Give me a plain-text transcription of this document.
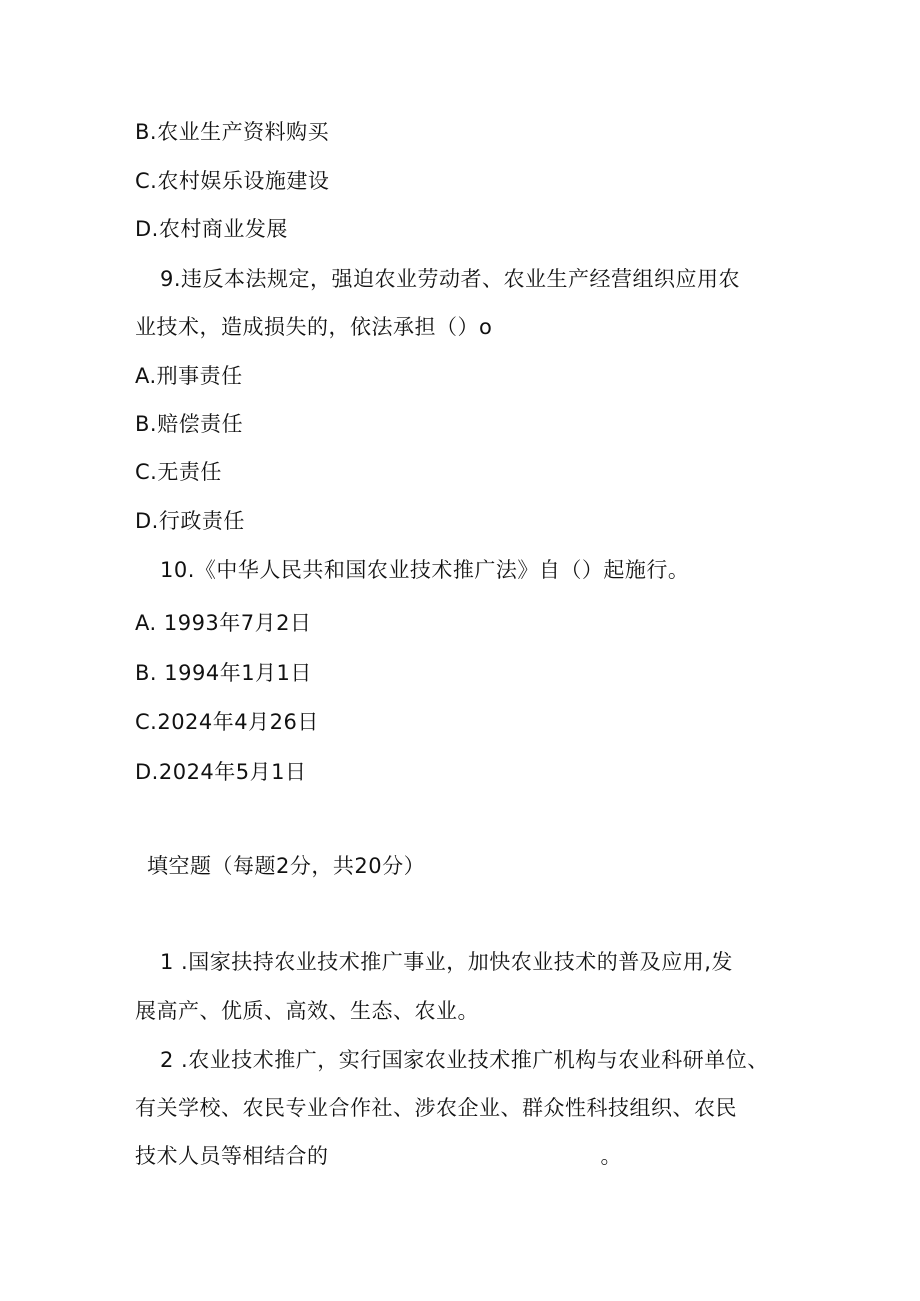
B.农业生产资料购买
C.农村娱乐设施建设
D.农村商业发展
9.违反本法规定，强迫农业劳动者、农业生产经营组织应用农
业技术，造成损失的，依法承担（）o
A.刑事责任
B.赔偿责任
C.无责任
D.行政责任
10.《中华人民共和国农业技术推广法》自（）起施行。
A. 1993年7月2日
B. 1994年1月1日
C.2024年4月26日
D.2024年5月1日
填空题（每题2分，共20分）
1 .国家扶持农业技术推广事业，加快农业技术的普及应用,发
展高产、优质、高效、生态、农业。
2 .农业技术推广，实行国家农业技术推广机构与农业科研单位、
有关学校、农民专业合作社、涉农企业、群众性科技组织、农民
技术人员等相结合的	。
